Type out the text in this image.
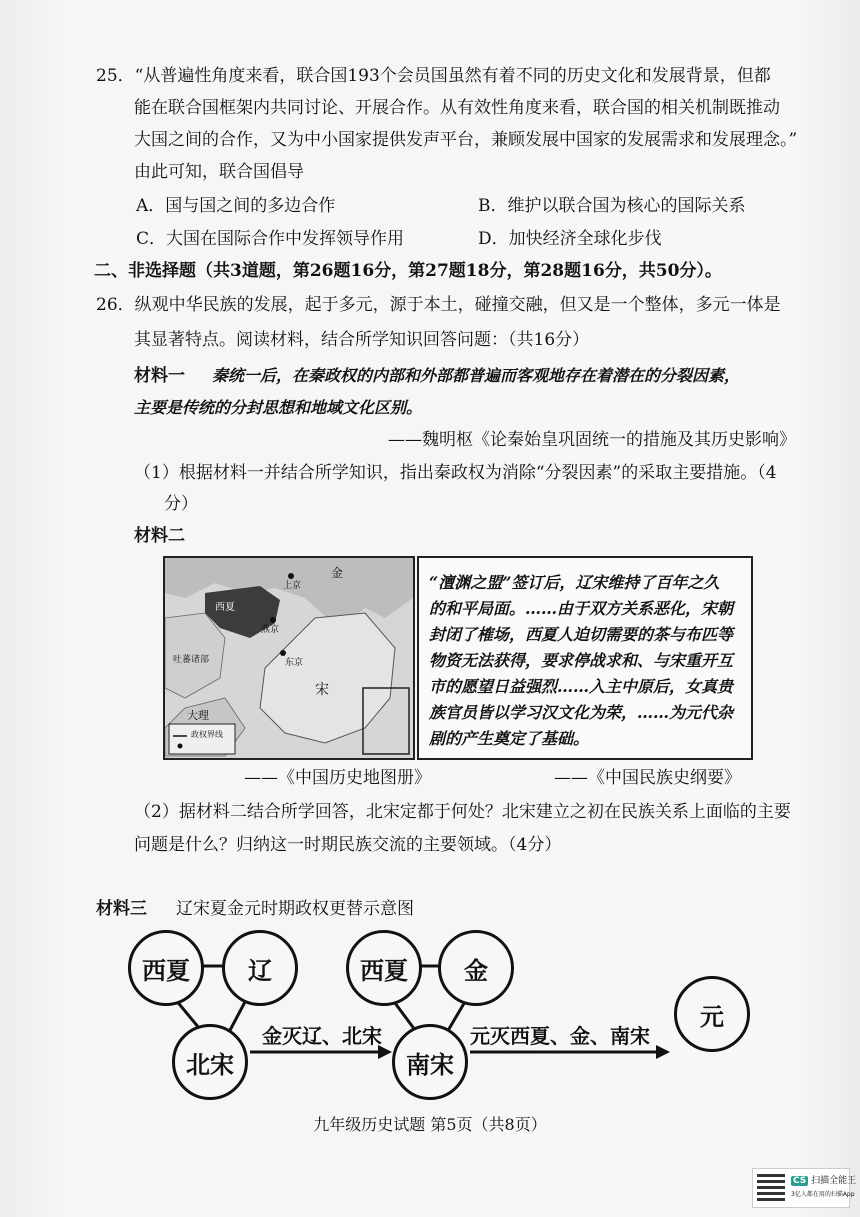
25．“从普遍性角度来看，联合国193个会员国虽然有着不同的历史文化和发展背景，但都
能在联合国框架内共同讨论、开展合作。从有效性角度来看，联合国的相关机制既推动
大国之间的合作，又为中小国家提供发声平台，兼顾发展中国家的发展需求和发展理念。”
由此可知，联合国倡导
A．国与国之间的多边合作	B．维护以联合国为核心的国际关系
C．大国在国际合作中发挥领导作用	D．加快经济全球化步伐
二、非选择题（共3道题，第26题16分，第27题18分，第28题16分，共50分）。
26．纵观中华民族的发展，起于多元，源于本土，碰撞交融，但又是一个整体，多元一体是
其显著特点。阅读材料，结合所学知识回答问题：（共16分）
材料一 秦统一后，在秦政权的内部和外部都普遍而客观地存在着潜在的分裂因素，
主要是传统的分封思想和地域文化区别。
——魏明枢《论秦始皇巩固统一的措施及其历史影响》
（1）根据材料一并结合所学知识，指出秦政权为消除“分裂因素”的采取主要措施。（4
分）
材料二
金
上京
燕京
西夏
吐蕃诸部	东京
大理
宋
政权界线
“澶渊之盟”签订后，辽宋维持了百年之久
的和平局面。……由于双方关系恶化，宋朝
封闭了榷场，西夏人迫切需要的茶与布匹等
物资无法获得，要求停战求和、与宋重开互
市的愿望日益强烈……入主中原后，女真贵
族官员皆以学习汉文化为荣，……为元代杂
剧的产生奠定了基础。
——《中国历史地图册》	——《中国民族史纲要》
（2）据材料二结合所学回答，北宋定都于何处？北宋建立之初在民族关系上面临的主要
问题是什么？归纳这一时期民族交流的主要领域。（4分）
材料三 辽宋夏金元时期政权更替示意图
西夏	辽
北宋
金灭辽、北宋
西夏	金
南宋
元灭西夏、金、南宋
元
九年级历史试题 第5页（共8页）
CS 扫描全能王
3亿人都在用的扫描App
